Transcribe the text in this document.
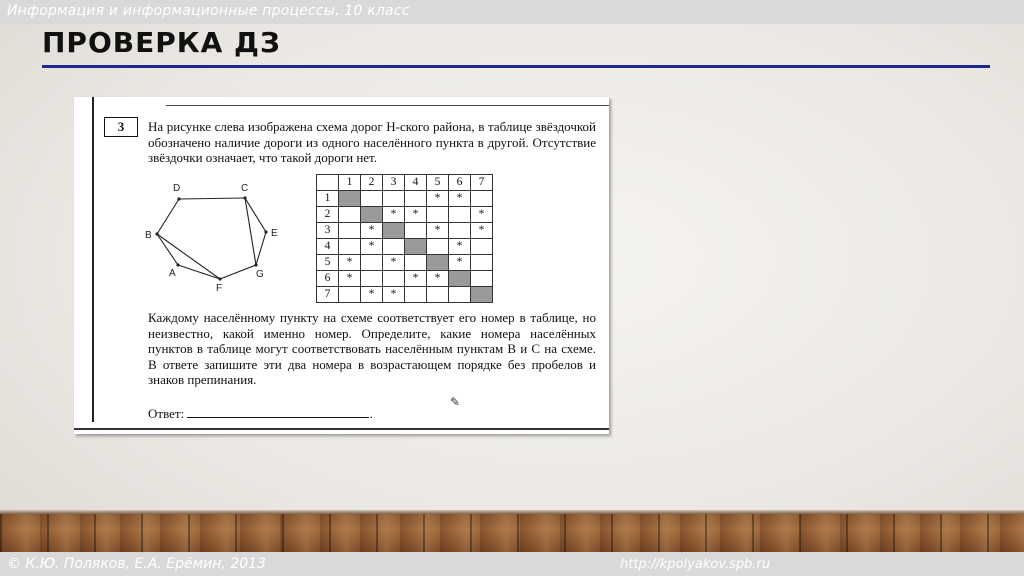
Информация и информационные процессы, 10 класс
ПРОВЕРКА ДЗ
3	На рисунке слева изображена схема дорог Н-ского района, в таблице звёздочкой обозначено наличие дороги из одного населённого пункта в другой. Отсутствие звёздочки означает, что такой дороги нет.

D	C
B	E
A	G
F
	1	2	3	4	5	6	7
1					*	*	
2			*	*			*
3		*			*		*
4		*				*	
5	*		*			*	
6	*			*	*		
7		*	*				

Каждому населённому пункту на схеме соответствует его номер в таблице, но неизвестно, какой именно номер. Определите, какие номера населённых пунктов в таблице могут соответствовать населённым пунктам B и C на схеме. В ответе запишите эти два номера в возрастающем порядке без пробелов и знаков препинания.

Ответ:	.
✎
© К.Ю. Поляков, Е.А. Ерёмин, 2013	http://kpolyakov.spb.ru
